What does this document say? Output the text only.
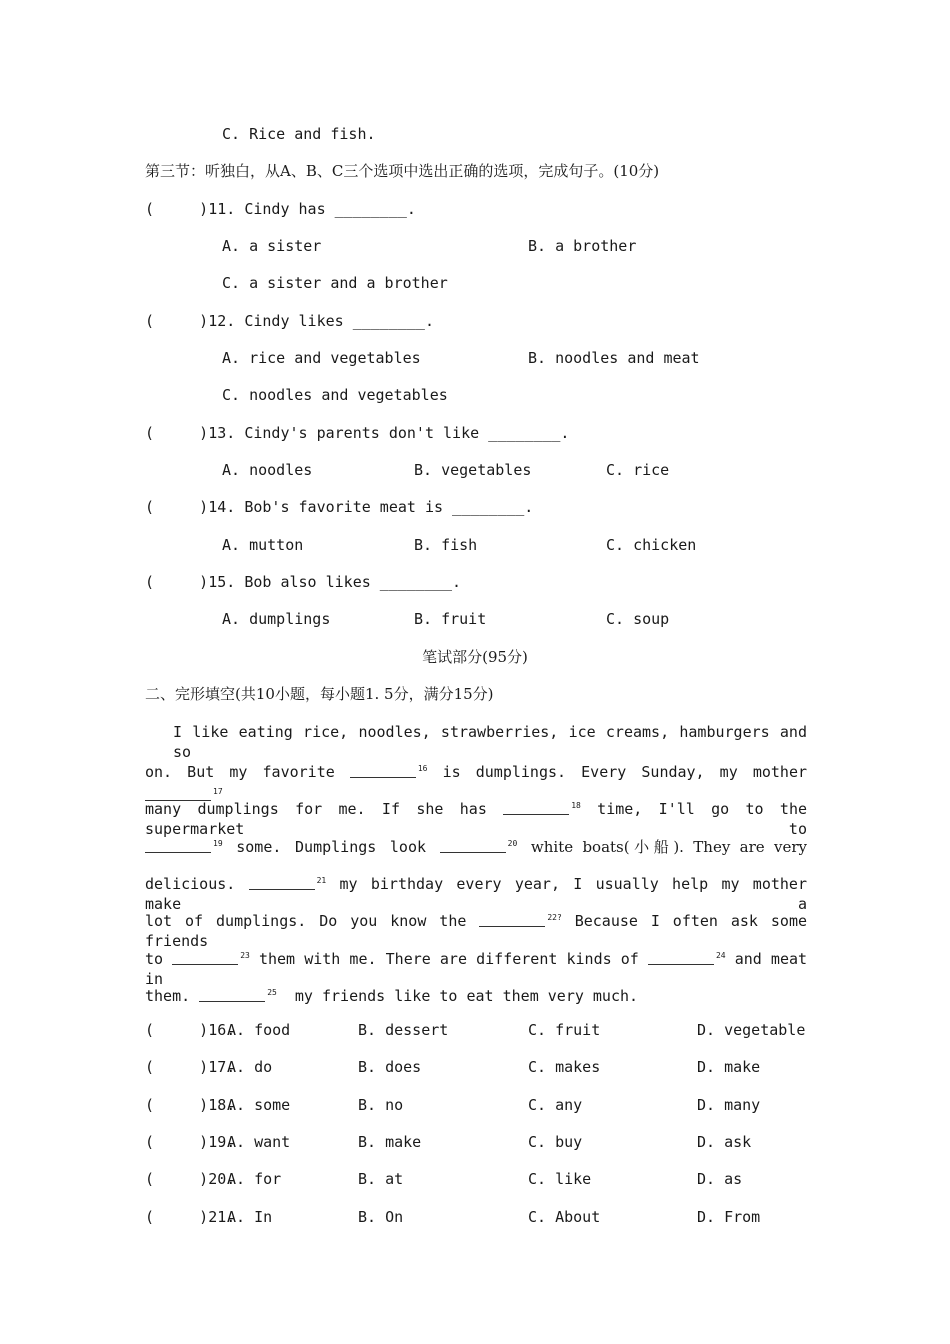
C. Rice and fish.
第三节：听独白，从A、B、C三个选项中选出正确的选项，完成句子。(10分)
(     )11. Cindy has ________.
A. a sister	B. a brother
C. a sister and a brother
(     )12. Cindy likes ________.
A. rice and vegetables	B. noodles and meat
C. noodles and vegetables
(     )13. Cindy's parents don't like ________.
A. noodles	B. vegetables	C. rice
(     )14. Bob's favorite meat is ________.
A. mutton	B. fish	C. chicken
(     )15. Bob also likes ________.
A. dumplings	B. fruit	C. soup
笔试部分(95分)
二、完形填空(共10小题，每小题1. 5分，满分15分)
I like eating rice, noodles, strawberries, ice creams, hamburgers and so
on. But my favorite	$^{16}$ is dumplings. Every Sunday, my mother $^{17}$
many dumplings for me. If she has	$^{18}$ time, I'll go to the supermarket to
$^{19}$ some. Dumplings look	$^{20}$ white boats(小船). They are very
delicious.	$^{21}$ my birthday every year, I usually help my mother make a
lot of dumplings. Do you know the	$^{22?}$ Because I often ask some friends
to	$^{23}$ them with me. There are different kinds of	$^{24}$ and meat in
them.	$^{25}$ my friends like to eat them very much.
(     )16.
A. food	B. dessert	C. fruit	D. vegetable
(     )17.
A. do	B. does	C. makes	D. make
(     )18.
A. some	B. no	C. any	D. many
(     )19.
A. want	B. make	C. buy	D. ask
(     )20.
A. for	B. at	C. like	D. as
(     )21.
A. In	B. On	C. About	D. From
